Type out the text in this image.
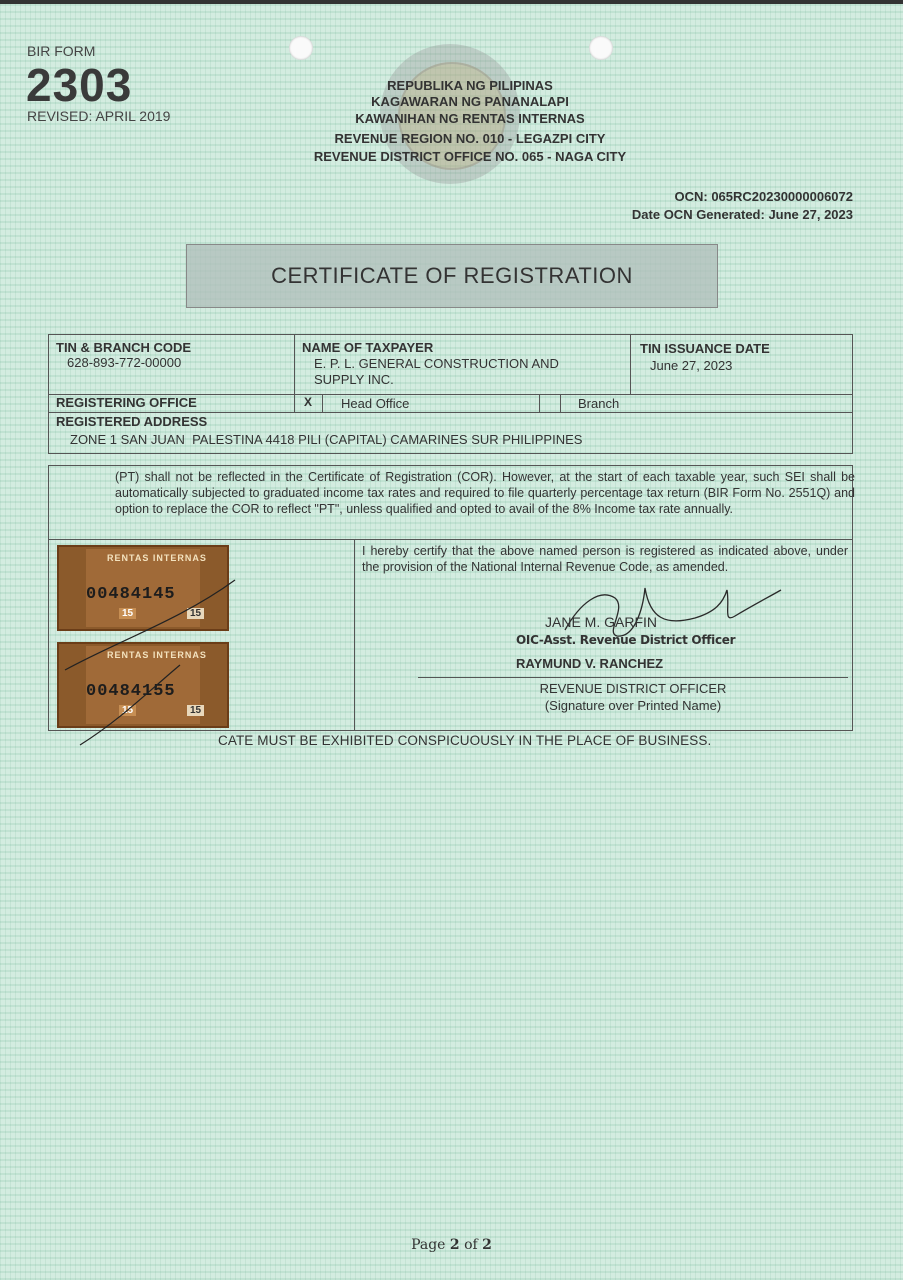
BIR FORM
2303
REVISED: APRIL 2019
REPUBLIKA NG PILIPINAS
KAGAWARAN NG PANANALAPI
KAWANIHAN NG RENTAS INTERNAS
REVENUE REGION NO. 010 - LEGAZPI CITY
REVENUE DISTRICT OFFICE NO. 065 - NAGA CITY
OCN: 065RC20230000006072
Date OCN Generated: June 27, 2023
CERTIFICATE OF REGISTRATION
TIN & BRANCH CODE
628-893-772-00000
NAME OF TAXPAYER
E. P. L. GENERAL CONSTRUCTION AND
SUPPLY INC.
TIN ISSUANCE DATE
June 27, 2023
REGISTERING OFFICE	X Head Office	Branch
REGISTERED ADDRESS
ZONE 1 SAN JUAN  PALESTINA 4418 PILI (CAPITAL) CAMARINES SUR PHILIPPINES
(PT) shall not be reflected in the Certificate of Registration (COR). However, at the start of each taxable year, such SEI shall be automatically subjected to graduated income tax rates and required to file quarterly percentage tax return (BIR Form No. 2551Q) and option to replace the COR to reflect "PT", unless qualified and opted to avail of the 8% Income tax rate annually.
I hereby certify that the above named person is registered as indicated above, under the provision of the National Internal Revenue Code, as amended.
RENTAS INTERNAS
00484145
15	15
RENTAS INTERNAS
00484155
15	15
JANE M. GARFIN
OIC-Asst. Revenue District Officer
RAYMUND V. RANCHEZ
REVENUE DISTRICT OFFICER
(Signature over Printed Name)
CATE MUST BE EXHIBITED CONSPICUOUSLY IN THE PLACE OF BUSINESS.
Page 2 of 2
